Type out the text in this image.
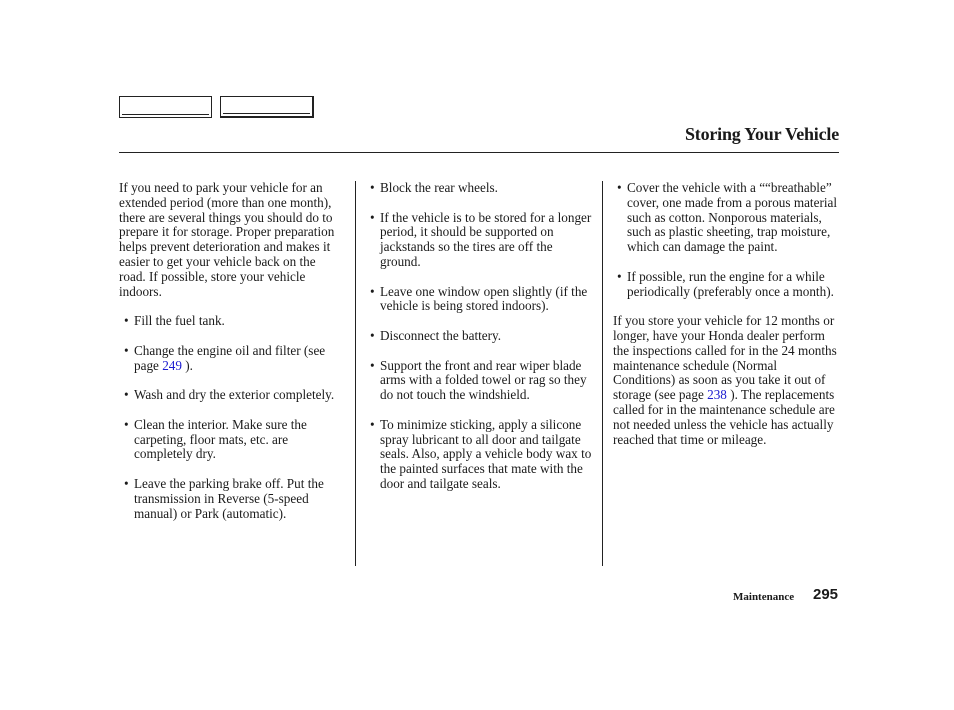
Storing Your Vehicle

If you need to park your vehicle for an extended period (more than one month), there are several things you should do to prepare it for storage. Proper preparation helps prevent deterioration and makes it easier to get your vehicle back on the road. If possible, store your vehicle indoors.

• Fill the fuel tank.
• Change the engine oil and filter (see page 249 ).
• Wash and dry the exterior completely.
• Clean the interior. Make sure the carpeting, floor mats, etc. are completely dry.
• Leave the parking brake off. Put the transmission in Reverse (5-speed manual) or Park (automatic).
• Block the rear wheels.
• If the vehicle is to be stored for a longer period, it should be supported on jackstands so the tires are off the ground.
• Leave one window open slightly (if the vehicle is being stored indoors).
• Disconnect the battery.
• Support the front and rear wiper blade arms with a folded towel or rag so they do not touch the windshield.
• To minimize sticking, apply a silicone spray lubricant to all door and tailgate seals. Also, apply a vehicle body wax to the painted surfaces that mate with the door and tailgate seals.
• Cover the vehicle with a ““breathable” cover, one made from a porous material such as cotton. Nonporous materials, such as plastic sheeting, trap moisture, which can damage the paint.
• If possible, run the engine for a while periodically (preferably once a month).

If you store your vehicle for 12 months or longer, have your Honda dealer perform the inspections called for in the 24 months maintenance schedule (Normal Conditions) as soon as you take it out of storage (see page 238 ). The replacements called for in the maintenance schedule are not needed unless the vehicle has actually reached that time or mileage.

Maintenance 295
